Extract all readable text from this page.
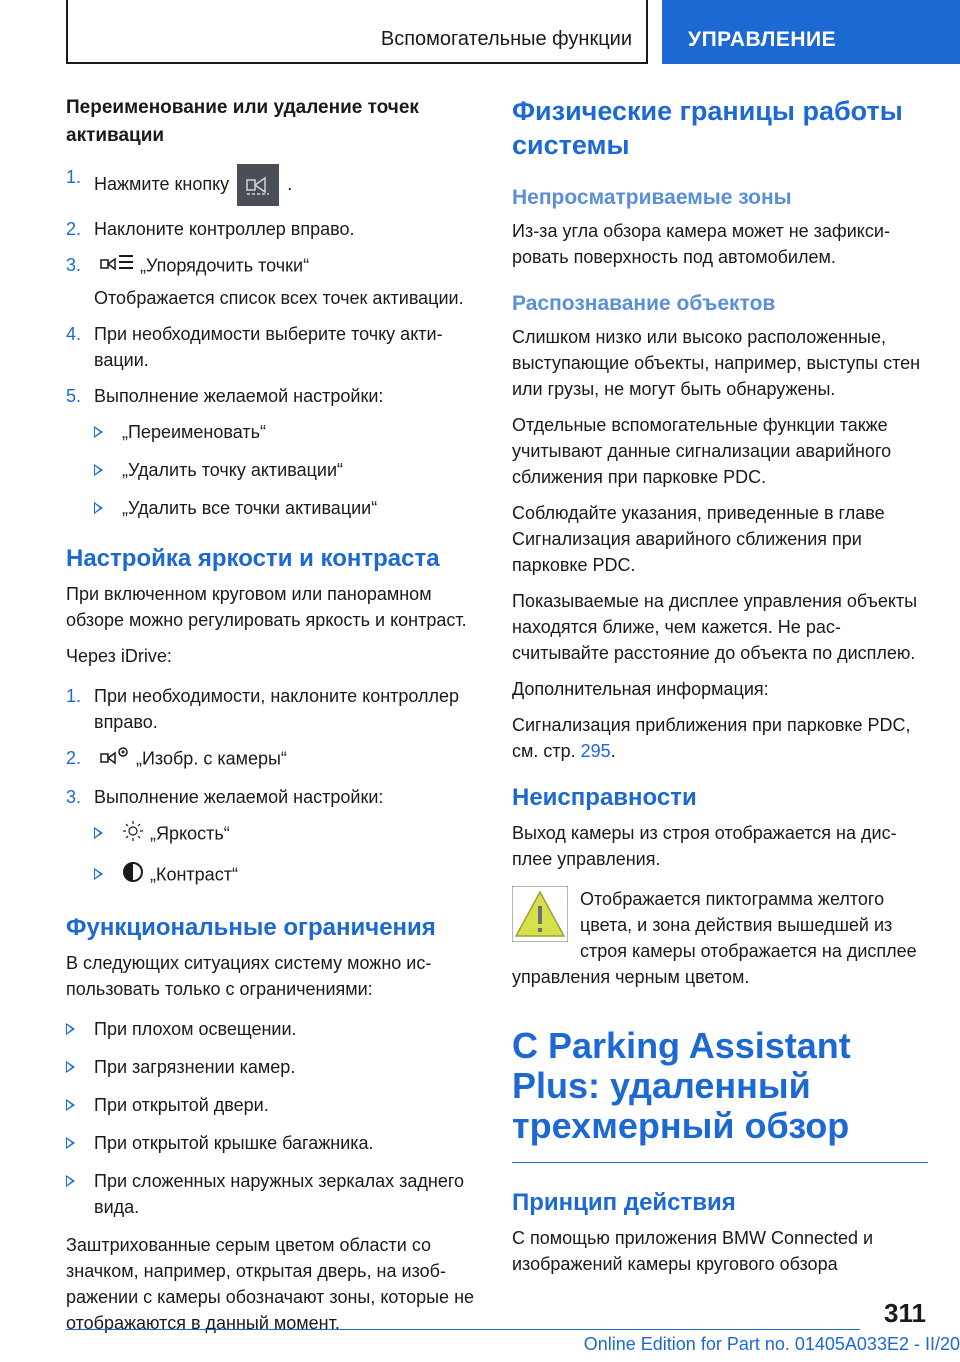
Вспомогательные функции	УПРАВЛЕНИЕ
Переименование или удаление точек активации
1. Нажмите кнопку	.
2. Наклоните контроллер вправо.
3.	„Упорядочить точки“
Отображается список всех точек активации.
4. При необходимости выберите точку активации.
5. Выполнение желаемой настройки:
„Переименовать“
„Удалить точку активации“
„Удалить все точки активации“
Настройка яркости и контраста

При включенном круговом или панорамном обзоре можно регулировать яркость и контраст.

Через iDrive:

1. При необходимости, наклоните контроллер вправо.
2.	„Изобр. с камеры“
3. Выполнение желаемой настройки:
„Яркость“
„Контраст“
Функциональные ограничения

В следующих ситуациях систему можно использовать только с ограничениями:

При плохом освещении.
При загрязнении камер.
При открытой двери.
При открытой крышке багажника.
При сложенных наружных зеркалах заднего вида.

Заштрихованные серым цветом области со значком, например, открытая дверь, на изображении с камеры обозначают зоны, которые не отображаются в данный момент.

Физические границы работы системы
Непросматриваемые зоны

Из-за угла обзора камера может не зафиксировать поверхность под автомобилем.

Распознавание объектов

Слишком низко или высоко расположенные, выступающие объекты, например, выступы стен или грузы, не могут быть обнаружены.

Отдельные вспомогательные функции также учитывают данные сигнализации аварийного сближения при парковке PDC.

Соблюдайте указания, приведенные в главе Сигнализация аварийного сближения при парковке PDC.

Показываемые на дисплее управления объекты находятся ближе, чем кажется. Не рассчитывайте расстояние до объекта по дисплею.

Дополнительная информация:

Сигнализация приближения при парковке PDC, см. стр. 295.

Неисправности

Выход камеры из строя отображается на дисплее управления.

Отображается пиктограмма желтого цвета, и зона действия вышедшей из строя камеры отображается на дисплее управления черным цветом.

С Parking Assistant Plus: удаленный трехмерный обзор
Принцип действия

С помощью приложения BMW Connected и изображений камеры кругового обзора

311
Online Edition for Part no. 01405A033E2 - II/20
